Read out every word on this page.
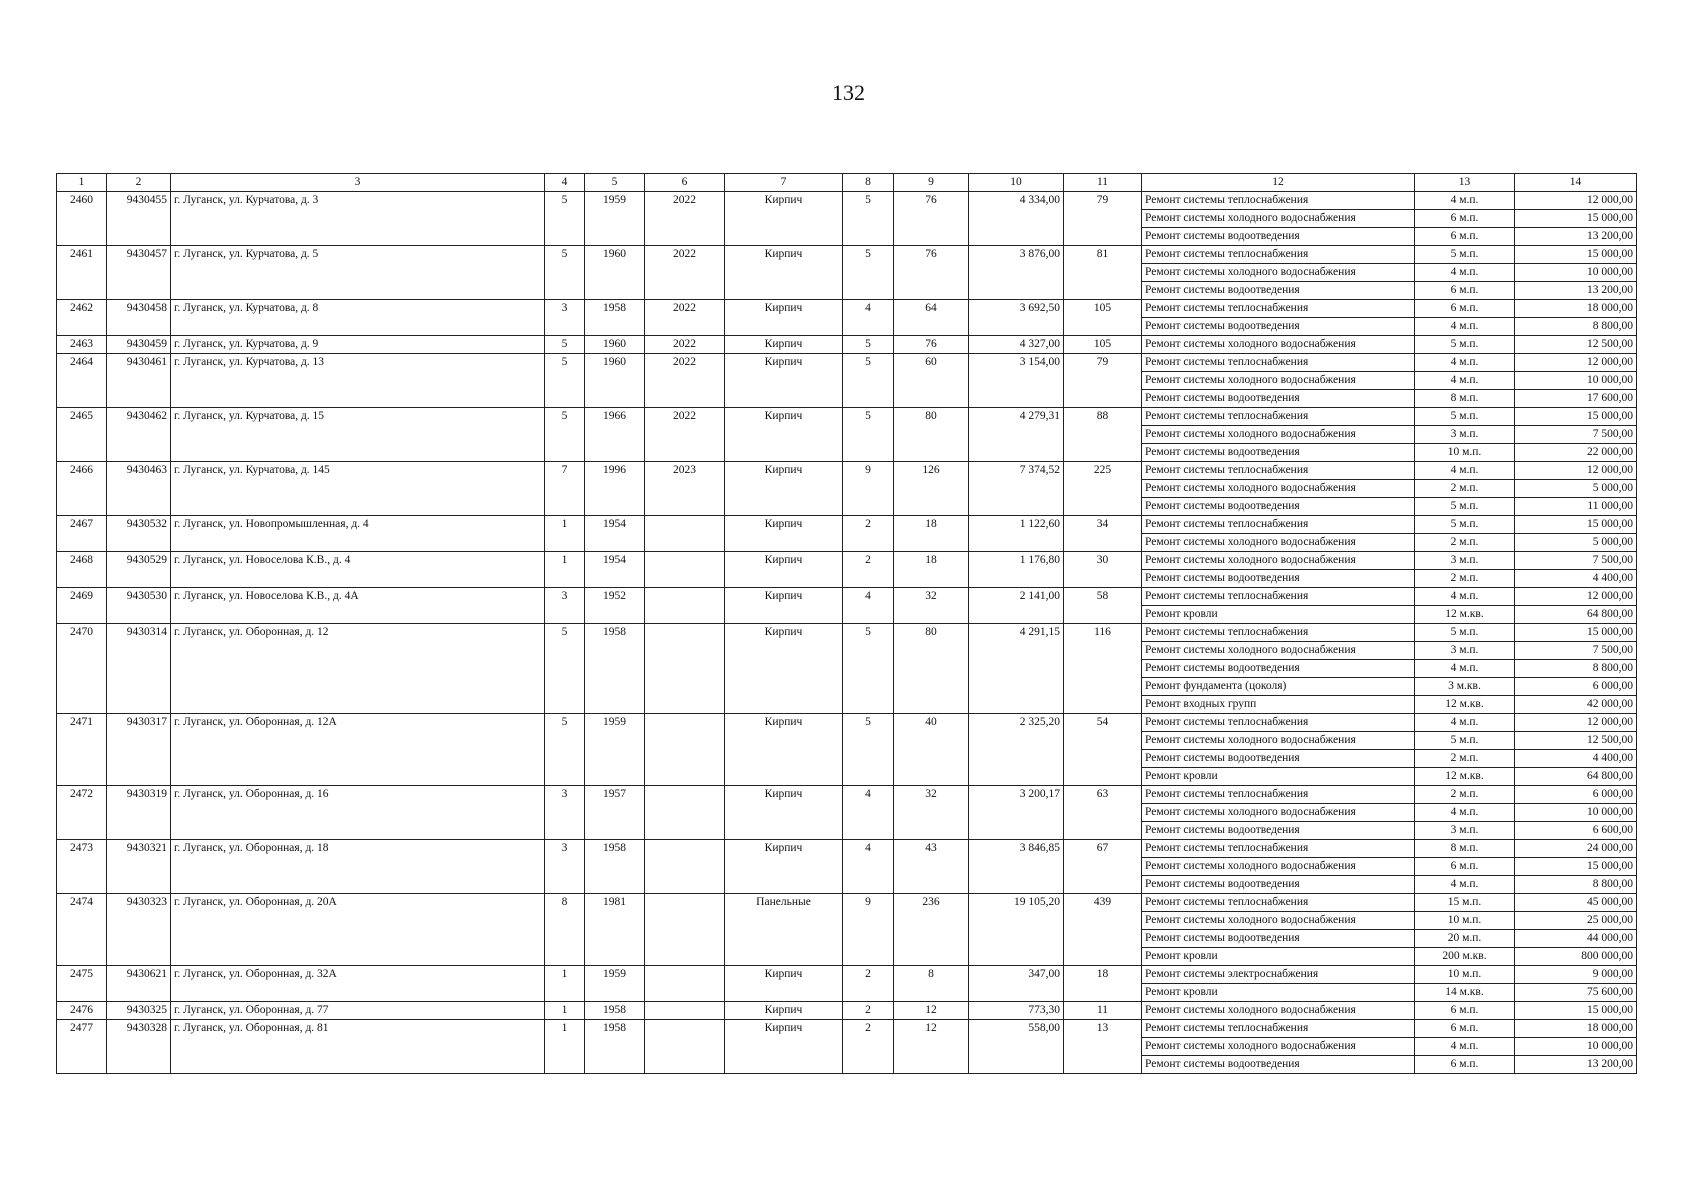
132
1	2	3	4	5	6	7	8	9	10	11	12	13	14
2460	9430455	г. Луганск, ул. Курчатова, д. 3	5	1959	2022	Кирпич	5	76	4 334,00	79	Ремонт системы теплоснабжения	4 м.п.	12 000,00
											Ремонт системы холодного водоснабжения	6 м.п.	15 000,00
											Ремонт системы водоотведения	6 м.п.	13 200,00
2461	9430457	г. Луганск, ул. Курчатова, д. 5	5	1960	2022	Кирпич	5	76	3 876,00	81	Ремонт системы теплоснабжения	5 м.п.	15 000,00
											Ремонт системы холодного водоснабжения	4 м.п.	10 000,00
											Ремонт системы водоотведения	6 м.п.	13 200,00
2462	9430458	г. Луганск, ул. Курчатова, д. 8	3	1958	2022	Кирпич	4	64	3 692,50	105	Ремонт системы теплоснабжения	6 м.п.	18 000,00
											Ремонт системы водоотведения	4 м.п.	8 800,00
2463	9430459	г. Луганск, ул. Курчатова, д. 9	5	1960	2022	Кирпич	5	76	4 327,00	105	Ремонт системы холодного водоснабжения	5 м.п.	12 500,00
2464	9430461	г. Луганск, ул. Курчатова, д. 13	5	1960	2022	Кирпич	5	60	3 154,00	79	Ремонт системы теплоснабжения	4 м.п.	12 000,00
											Ремонт системы холодного водоснабжения	4 м.п.	10 000,00
											Ремонт системы водоотведения	8 м.п.	17 600,00
2465	9430462	г. Луганск, ул. Курчатова, д. 15	5	1966	2022	Кирпич	5	80	4 279,31	88	Ремонт системы теплоснабжения	5 м.п.	15 000,00
											Ремонт системы холодного водоснабжения	3 м.п.	7 500,00
											Ремонт системы водоотведения	10 м.п.	22 000,00
2466	9430463	г. Луганск, ул. Курчатова, д. 145	7	1996	2023	Кирпич	9	126	7 374,52	225	Ремонт системы теплоснабжения	4 м.п.	12 000,00
											Ремонт системы холодного водоснабжения	2 м.п.	5 000,00
											Ремонт системы водоотведения	5 м.п.	11 000,00
2467	9430532	г. Луганск, ул. Новопромышленная, д. 4	1	1954		Кирпич	2	18	1 122,60	34	Ремонт системы теплоснабжения	5 м.п.	15 000,00
											Ремонт системы холодного водоснабжения	2 м.п.	5 000,00
2468	9430529	г. Луганск, ул. Новоселова К.В., д. 4	1	1954		Кирпич	2	18	1 176,80	30	Ремонт системы холодного водоснабжения	3 м.п.	7 500,00
											Ремонт системы водоотведения	2 м.п.	4 400,00
2469	9430530	г. Луганск, ул. Новоселова К.В., д. 4А	3	1952		Кирпич	4	32	2 141,00	58	Ремонт системы теплоснабжения	4 м.п.	12 000,00
											Ремонт кровли	12 м.кв.	64 800,00
2470	9430314	г. Луганск, ул. Оборонная, д. 12	5	1958		Кирпич	5	80	4 291,15	116	Ремонт системы теплоснабжения	5 м.п.	15 000,00
											Ремонт системы холодного водоснабжения	3 м.п.	7 500,00
											Ремонт системы водоотведения	4 м.п.	8 800,00
											Ремонт фундамента (цоколя)	3 м.кв.	6 000,00
											Ремонт входных групп	12 м.кв.	42 000,00
2471	9430317	г. Луганск, ул. Оборонная, д. 12А	5	1959		Кирпич	5	40	2 325,20	54	Ремонт системы теплоснабжения	4 м.п.	12 000,00
											Ремонт системы холодного водоснабжения	5 м.п.	12 500,00
											Ремонт системы водоотведения	2 м.п.	4 400,00
											Ремонт кровли	12 м.кв.	64 800,00
2472	9430319	г. Луганск, ул. Оборонная, д. 16	3	1957		Кирпич	4	32	3 200,17	63	Ремонт системы теплоснабжения	2 м.п.	6 000,00
											Ремонт системы холодного водоснабжения	4 м.п.	10 000,00
											Ремонт системы водоотведения	3 м.п.	6 600,00
2473	9430321	г. Луганск, ул. Оборонная, д. 18	3	1958		Кирпич	4	43	3 846,85	67	Ремонт системы теплоснабжения	8 м.п.	24 000,00
											Ремонт системы холодного водоснабжения	6 м.п.	15 000,00
											Ремонт системы водоотведения	4 м.п.	8 800,00
2474	9430323	г. Луганск, ул. Оборонная, д. 20А	8	1981		Панельные	9	236	19 105,20	439	Ремонт системы теплоснабжения	15 м.п.	45 000,00
											Ремонт системы холодного водоснабжения	10 м.п.	25 000,00
											Ремонт системы водоотведения	20 м.п.	44 000,00
											Ремонт кровли	200 м.кв.	800 000,00
2475	9430621	г. Луганск, ул. Оборонная, д. 32А	1	1959		Кирпич	2	8	347,00	18	Ремонт системы электроснабжения	10 м.п.	9 000,00
											Ремонт кровли	14 м.кв.	75 600,00
2476	9430325	г. Луганск, ул. Оборонная, д. 77	1	1958		Кирпич	2	12	773,30	11	Ремонт системы холодного водоснабжения	6 м.п.	15 000,00
2477	9430328	г. Луганск, ул. Оборонная, д. 81	1	1958		Кирпич	2	12	558,00	13	Ремонт системы теплоснабжения	6 м.п.	18 000,00
											Ремонт системы холодного водоснабжения	4 м.п.	10 000,00
											Ремонт системы водоотведения	6 м.п.	13 200,00
